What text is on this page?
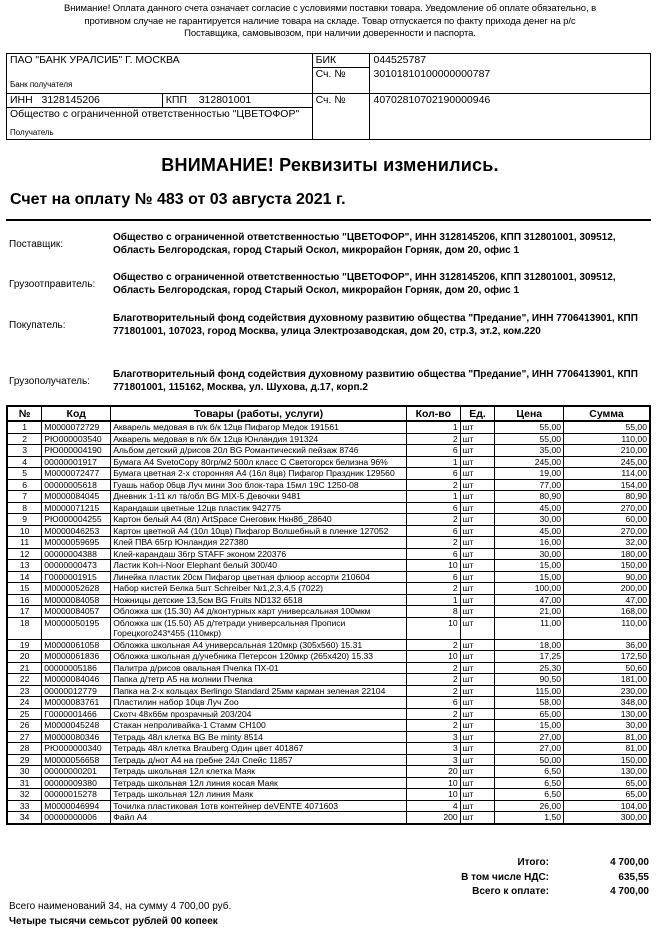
Внимание! Оплата данного счета означает согласие с условиями поставки товара. Уведомление об оплате обязательно, в противном случае не гарантируется наличие товара на складе. Товар отпускается по факту прихода денег на р/с Поставщика, самовывозом, при наличии доверенности и паспорта.
ПАО "БАНК УРАЛСИБ" Г. МОСКВА
Банк получателя		БИК	044525787
		Сч. №	30101810100000000787
ИНН 3128145206	КПП 312801001	Сч. №	40702810702190000946
Общество с ограниченной ответственностью "ЦВЕТОФОР"
Получатель			

ВНИМАНИЕ! Реквизиты изменились.
Счет на оплату № 483 от 03 августа 2021 г.
Поставщик:
Общество с ограниченной ответственностью "ЦВЕТОФОР", ИНН 3128145206, КПП 312801001, 309512, Область Белгородская, город Старый Оскол, микрорайон Горняк, дом 20, офис 1
Грузоотправитель:
Общество с ограниченной ответственностью "ЦВЕТОФОР", ИНН 3128145206, КПП 312801001, 309512, Область Белгородская, город Старый Оскол, микрорайон Горняк, дом 20, офис 1
Покупатель:
Благотворительный фонд содействия духовному развитию общества "Предание", ИНН 7706413901, КПП 771801001, 107023, город Москва, улица Электрозаводская, дом 20, стр.3, эт.2, ком.220
Грузополучатель:
Благотворительный фонд содействия духовному развитию общества "Предание", ИНН 7706413901, КПП 771801001, 115162, Москва, ул. Шухова, д.17, корп.2
№	Код	Товары (работы, услуги)	Кол-во	Ед.	Цена	Сумма
1	М0000072729	Акварель медовая в п/к б/к 12цв Пифагор Медок 191561	1	шт	55,00	55,00
2	РЮ000003540	Акварель медовая в п/к б/к 12цв Юнландия 191324	2	шт	55,00	110,00
3	РЮ000004190	Альбом детский д/рисов 20л BG Романтический пейзаж 8746	6	шт	35,00	210,00
4	00000001917	Бумага А4 SvetoCopy 80гр/м2 500л класс С Светогорск белизна 96%	1	шт	245,00	245,00
5	М0000072477	Бумага цветная 2-х сторонняя А4 (16л 8цв) Пифагор Праздник 129560	6	шт	19,00	114,00
6	00000005618	Гуашь набор 06цв Луч мини Зоо блок-тара 15мл 19С 1250-08	2	шт	77,00	154,00
7	М0000084045	Дневник 1-11 кл тв/обл BG MIX-5 Девочки 9481	1	шт	80,90	80,90
8	М0000071215	Карандаши цветные 12цв пластик 942775	6	шт	45,00	270,00
9	РЮ000004255	Картон белый А4 (8л) ArtSpace Снеговик Нкн8б_28640	2	шт	30,00	60,00
10	М0000046253	Картон цветной А4 (10л 10цв) Пифагор Волшебный в пленке 127052	6	шт	45,00	270,00
11	М0000059695	Клей ПВА 65гр Юнландия 227380	2	шт	16,00	32,00
12	00000004388	Клей-карандаш 36гр STAFF эконом 220376	6	шт	30,00	180,00
13	00000000473	Ластик Koh-i-Noor Elephant белый 300/40	10	шт	15,00	150,00
14	Г0000001915	Линейка пластик 20см Пифагор цветная флюор ассорти 210604	6	шт	15,00	90,00
15	М0000052628	Набор кистей Белка 5шт Schreiber №1,2,3,4,5 (7022)	2	шт	100,00	200,00
16	М0000084058	Ножницы детские 13,5см BG Fruits ND132 6518	1	шт	47,00	47,00
17	М0000084057	Обложка шк (15.30) А4 д/контурных карт универсальная 100мкм	8	шт	21,00	168,00
18	М0000050195	Обложка шк (15.50) А5 д/тетради универсальная Прописи Горецкого243*455 (110мкр)	10	шт	11,00	110,00
19	М0000061058	Обложка школьная А4 универсальная 120мкр (305х560) 15.31	2	шт	18,00	36,00
20	М0000061836	Обложка школьная д/учебника Петерсон 120мкр (265х420) 15.33	10	шт	17,25	172,50
21	00000005186	Палитра д/рисов овальная Пчелка ПХ-01	2	шт	25,30	50,60
22	М0000084046	Папка д/тетр А5 на молнии Пчелка	2	шт	90,50	181,00
23	00000012779	Папка на 2-х кольцах Berlingo Standard 25мм карман зеленая 22104	2	шт	115,00	230,00
24	М0000083761	Пластилин набор 10цв Луч Zoo	6	шт	58,00	348,00
25	Г0000001466	Скотч 48х66м прозрачный 203/204	2	шт	65,00	130,00
26	М0000045248	Стакан непроливайка-1 Стамм СН100	2	шт	15,00	30,00
27	М0000080346	Тетрадь 48л клетка BG Be minty 8514	3	шт	27,00	81,00
28	РЮ000000340	Тетрадь 48л клетка Brauberg Один цвет 401867	3	шт	27,00	81,00
29	М0000056658	Тетрадь д/нот А4 на гребне 24л Спейс 11857	3	шт	50,00	150,00
30	00000000201	Тетрадь школьная 12л клетка Маяк	20	шт	6,50	130,00
31	00000009380	Тетрадь школьная 12л линия косая Маяк	10	шт	6,50	65,00
32	00000015278	Тетрадь школьная 12л линия Маяк	10	шт	6,50	65,00
33	М0000046994	Точилка пластиковая 1отв контейнер deVENTE 4071603	4	шт	26,00	104,00
34	00000000006	Файл А4	200	шт	1,50	300,00
Итого:	4 700,00
В том числе НДС:	635,55
Всего к оплате:	4 700,00
Всего наименований 34, на сумму 4 700,00 руб.
Четыре тысячи семьсот рублей 00 копеек
